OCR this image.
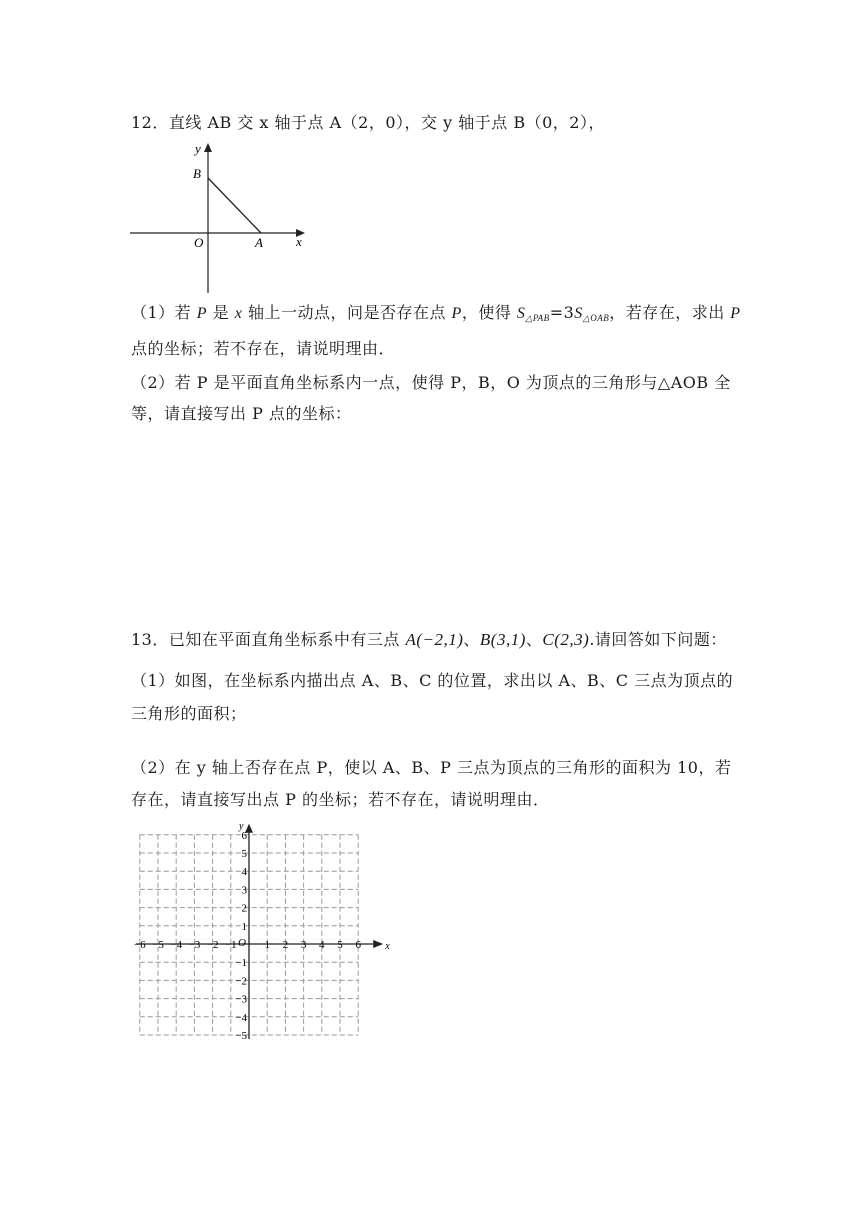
12．直线 AB 交 x 轴于点 A（2，0），交 y 轴于点 B（0，2），
y
x
B
O	A
（1）若 P 是 x 轴上一动点，问是否存在点 P，使得 $S_{\triangle PAB}=3S_{\triangle OAB}$，若存在，求出 P
点的坐标；若不存在，请说明理由．
（2）若 P 是平面直角坐标系内一点，使得 P，B，O 为顶点的三角形与△AOB 全
等，请直接写出 P 点的坐标：
13．已知在平面直角坐标系中有三点 A(−2,1)、B(3,1)、C(2,3).请回答如下问题：
（1）如图，在坐标系内描出点 A、B、C 的位置，求出以 A、B、C 三点为顶点的
三角形的面积；
（2）在 y 轴上否存在点 P，使以 A、B、P 三点为顶点的三角形的面积为 10，若
存在，请直接写出点 P 的坐标；若不存在，请说明理由．
x
y
O
−6 −5 −4 −3 −2 −1	1 2 3 4 5 6
6
5
4
3
2
1
−1
−2
−3
−4
−5
